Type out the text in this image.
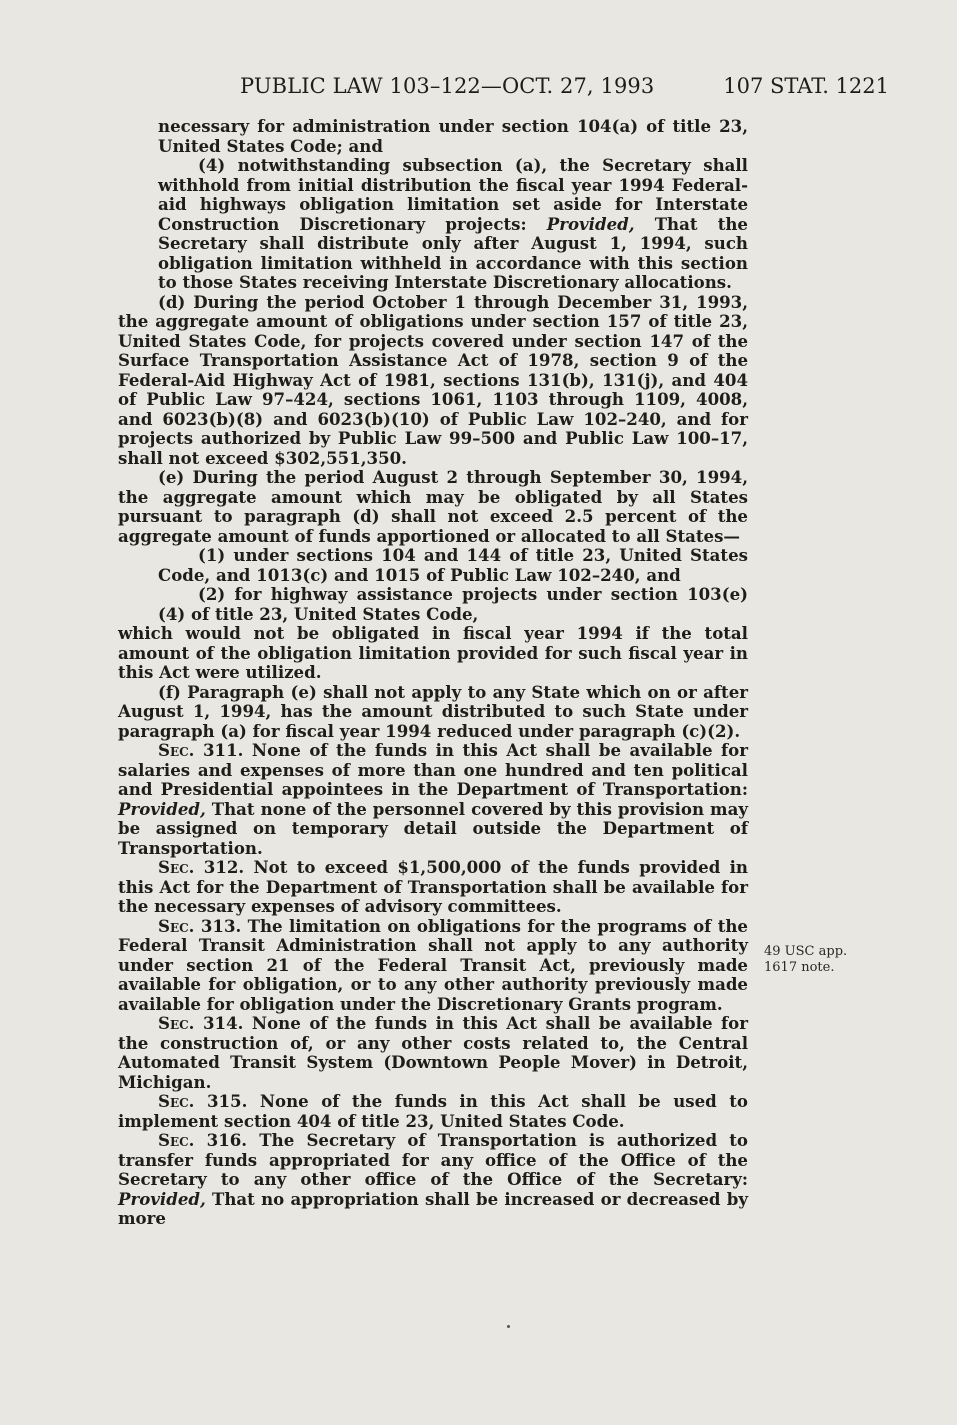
PUBLIC LAW 103–122—OCT. 27, 1993	107 STAT. 1221

necessary for administration under section 104(a) of title 23, United States Code; and

(4) notwithstanding subsection (a), the Secretary shall withhold from initial distribution the fiscal year 1994 Federal-aid highways obligation limitation set aside for Interstate Construction Discretionary projects: Provided, That the Secretary shall distribute only after August 1, 1994, such obligation limitation withheld in accordance with this section to those States receiving Interstate Discretionary allocations.

(d) During the period October 1 through December 31, 1993, the aggregate amount of obligations under section 157 of title 23, United States Code, for projects covered under section 147 of the Surface Transportation Assistance Act of 1978, section 9 of the Federal-Aid Highway Act of 1981, sections 131(b), 131(j), and 404 of Public Law 97–424, sections 1061, 1103 through 1109, 4008, and 6023(b)(8) and 6023(b)(10) of Public Law 102–240, and for projects authorized by Public Law 99–500 and Public Law 100–17, shall not exceed $302,551,350.

(e) During the period August 2 through September 30, 1994, the aggregate amount which may be obligated by all States pursuant to paragraph (d) shall not exceed 2.5 percent of the aggregate amount of funds apportioned or allocated to all States—

(1) under sections 104 and 144 of title 23, United States Code, and 1013(c) and 1015 of Public Law 102–240, and

(2) for highway assistance projects under section 103(e)(4) of title 23, United States Code,

which would not be obligated in fiscal year 1994 if the total amount of the obligation limitation provided for such fiscal year in this Act were utilized.

(f) Paragraph (e) shall not apply to any State which on or after August 1, 1994, has the amount distributed to such State under paragraph (a) for fiscal year 1994 reduced under paragraph (c)(2).

Sec. 311. None of the funds in this Act shall be available for salaries and expenses of more than one hundred and ten political and Presidential appointees in the Department of Transportation: Provided, That none of the personnel covered by this provision may be assigned on temporary detail outside the Department of Transportation.

Sec. 312. Not to exceed $1,500,000 of the funds provided in this Act for the Department of Transportation shall be available for the necessary expenses of advisory committees.

Sec. 313. The limitation on obligations for the programs of the Federal Transit Administration shall not apply to any authority under section 21 of the Federal Transit Act, previously made available for obligation, or to any other authority previously made available for obligation under the Discretionary Grants program.

Sec. 314. None of the funds in this Act shall be available for the construction of, or any other costs related to, the Central Automated Transit System (Downtown People Mover) in Detroit, Michigan.

Sec. 315. None of the funds in this Act shall be used to implement section 404 of title 23, United States Code.

Sec. 316. The Secretary of Transportation is authorized to transfer funds appropriated for any office of the Office of the Secretary to any other office of the Office of the Secretary: Provided, That no appropriation shall be increased or decreased by more

49 USC app.
1617 note.
